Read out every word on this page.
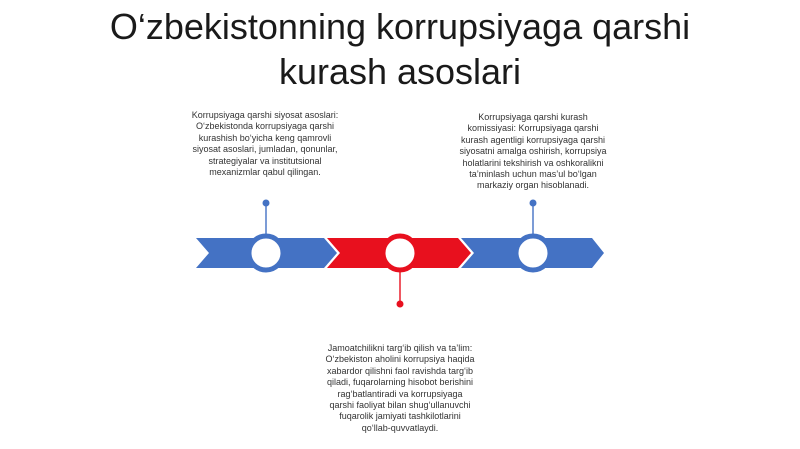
O‘zbekistonning korrupsiyaga qarshi
kurash asoslari
Korrupsiyaga qarshi siyosat asoslari: O‘zbekistonda korrupsiyaga qarshi kurashish bo‘yicha keng qamrovli siyosat asoslari, jumladan, qonunlar, strategiyalar va institutsional mexanizmlar qabul qilingan.
Korrupsiyaga qarshi kurash komissiyasi: Korrupsiyaga qarshi kurash agentligi korrupsiyaga qarshi siyosatni amalga oshirish, korrupsiya holatlarini tekshirish va oshkoralikni ta’minlash uchun mas’ul bo‘lgan markaziy organ hisoblanadi.
Jamoatchilikni targ‘ib qilish va ta’lim: O‘zbekiston aholini korrupsiya haqida xabardor qilishni faol ravishda targ‘ib qiladi, fuqarolarning hisobot berishini rag‘batlantiradi va korrupsiyaga qarshi faoliyat bilan shug‘ullanuvchi fuqarolik jamiyati tashkilotlarini qo‘llab-quvvatlaydi.
